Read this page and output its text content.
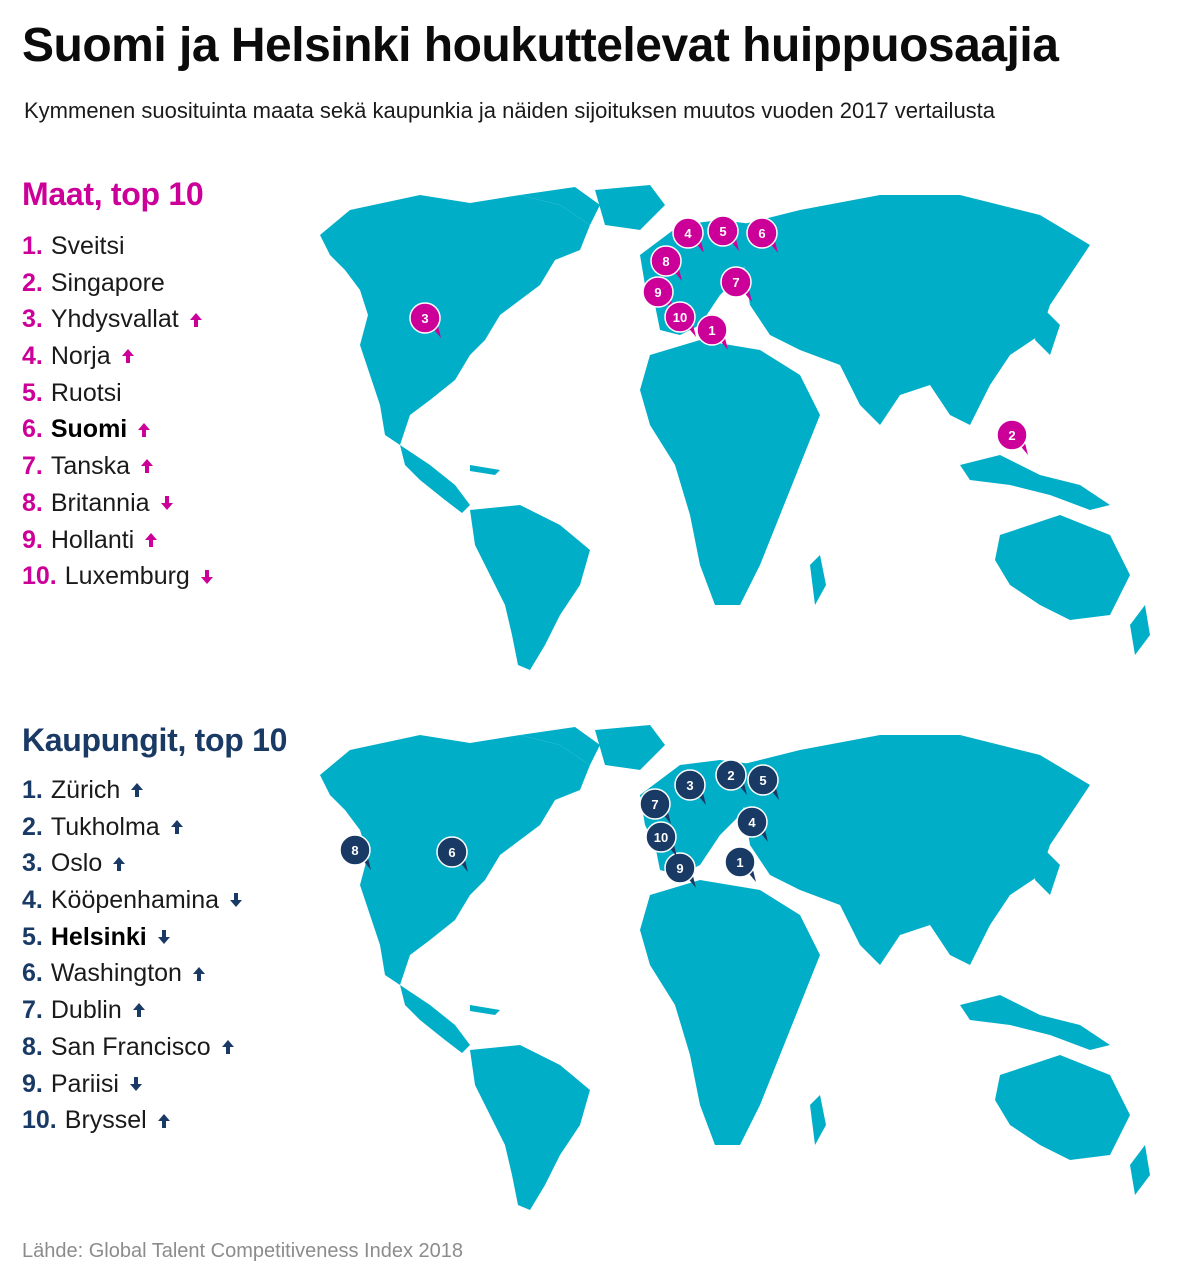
Suomi ja Helsinki houkuttelevat huippuosaajia

Kymmenen suosituinta maata sekä kaupunkia ja näiden sijoituksen muutos vuoden 2017 vertailusta

1
2
3
4 5 6
7
8
9
10
Maat, top 10
1. Sveitsi
2. Singapore
3. Yhdysvallat
4. Norja
5. Ruotsi
6. Suomi
7. Tanska
8. Britannia
9. Hollanti
10. Luxemburg
1
2
3
4
5
6
7
8
9
10
Kaupungit, top 10
1. Zürich
2. Tukholma
3. Oslo
4. Kööpenhamina
5. Helsinki
6. Washington
7. Dublin
8. San Francisco
9. Pariisi
10. Bryssel

Lähde: Global Talent Competitiveness Index 2018
